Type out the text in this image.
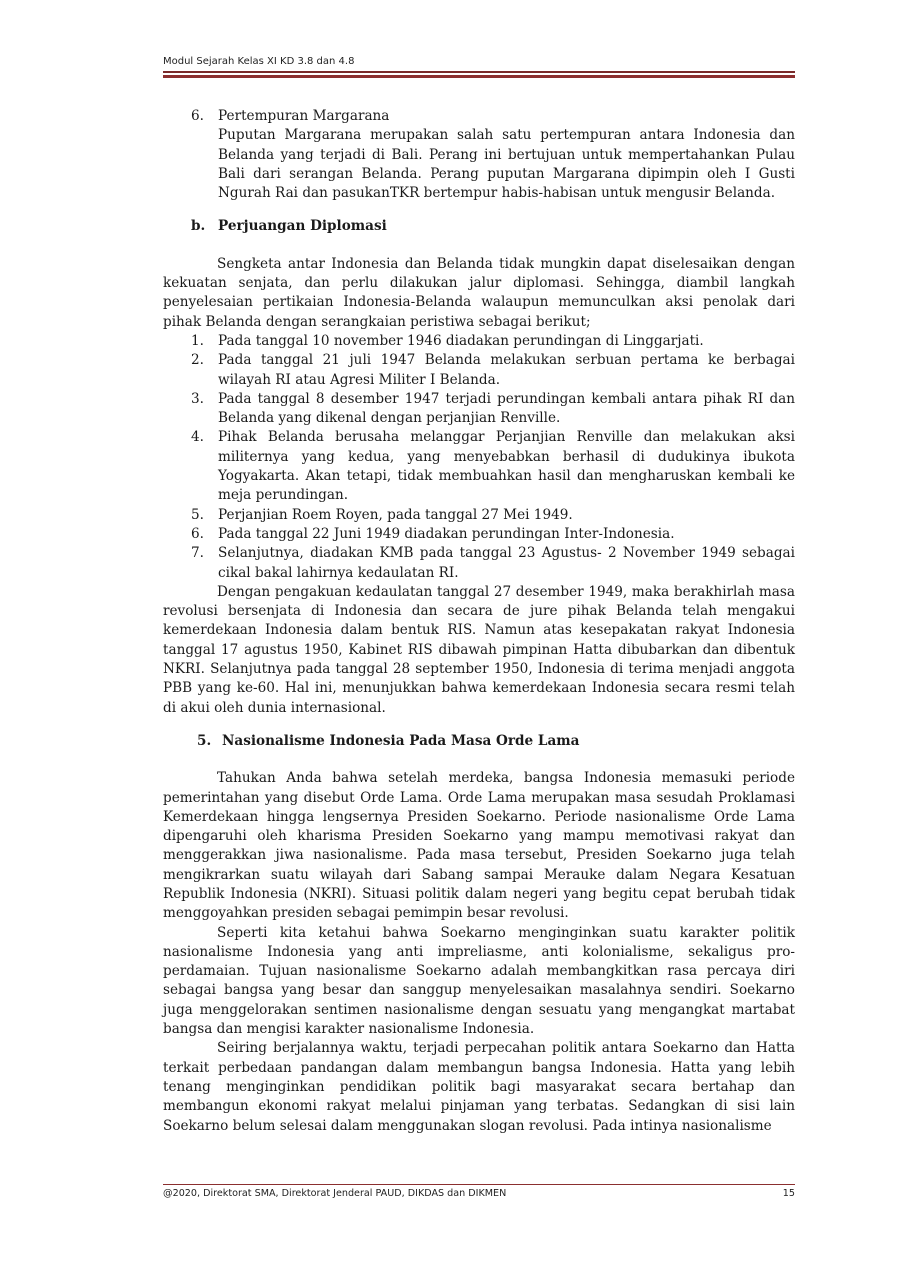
Modul Sejarah Kelas XI KD 3.8 dan 4.8
6. Pertempuran Margarana
Puputan Margarana merupakan salah satu pertempuran antara Indonesia dan Belanda yang terjadi di Bali. Perang ini bertujuan untuk mempertahankan Pulau Bali dari serangan Belanda. Perang puputan Margarana dipimpin oleh I Gusti Ngurah Rai dan pasukanTKR bertempur habis-habisan untuk mengusir Belanda.
b. Perjuangan Diplomasi

Sengketa antar Indonesia dan Belanda tidak mungkin dapat diselesaikan dengan kekuatan senjata, dan perlu dilakukan jalur diplomasi. Sehingga, diambil langkah penyelesaian pertikaian Indonesia-Belanda walaupun memunculkan aksi penolak dari pihak Belanda dengan serangkaian peristiwa sebagai berikut;

1. Pada tanggal 10 november 1946 diadakan perundingan di Linggarjati.
2. Pada tanggal 21 juli 1947 Belanda melakukan serbuan pertama ke berbagai wilayah RI atau Agresi Militer I Belanda.
3. Pada tanggal 8 desember 1947 terjadi perundingan kembali antara pihak RI dan Belanda yang dikenal dengan perjanjian Renville.
4. Pihak Belanda berusaha melanggar Perjanjian Renville dan melakukan aksi militernya yang kedua, yang menyebabkan berhasil di dudukinya ibukota Yogyakarta. Akan tetapi, tidak membuahkan hasil dan mengharuskan kembali ke meja perundingan.
5. Perjanjian Roem Royen, pada tanggal 27 Mei 1949.
6. Pada tanggal 22 Juni 1949 diadakan perundingan Inter-Indonesia.
7. Selanjutnya, diadakan KMB pada tanggal 23 Agustus- 2 November 1949 sebagai cikal bakal lahirnya kedaulatan RI.

Dengan pengakuan kedaulatan tanggal 27 desember 1949, maka berakhirlah masa revolusi bersenjata di Indonesia dan secara de jure pihak Belanda telah mengakui kemerdekaan Indonesia dalam bentuk RIS. Namun atas kesepakatan rakyat Indonesia tanggal 17 agustus 1950, Kabinet RIS dibawah pimpinan Hatta dibubarkan dan dibentuk NKRI. Selanjutnya pada tanggal 28 september 1950, Indonesia di terima menjadi anggota PBB yang ke-60. Hal ini, menunjukkan bahwa kemerdekaan Indonesia secara resmi telah di akui oleh dunia internasional.

5. Nasionalisme Indonesia Pada Masa Orde Lama

Tahukan Anda bahwa setelah merdeka, bangsa Indonesia memasuki periode pemerintahan yang disebut Orde Lama. Orde Lama merupakan masa sesudah Proklamasi Kemerdekaan hingga lengsernya Presiden Soekarno. Periode nasionalisme Orde Lama dipengaruhi oleh kharisma Presiden Soekarno yang mampu memotivasi rakyat dan menggerakkan jiwa nasionalisme. Pada masa tersebut, Presiden Soekarno juga telah mengikrarkan suatu wilayah dari Sabang sampai Merauke dalam Negara Kesatuan Republik Indonesia (NKRI). Situasi politik dalam negeri yang begitu cepat berubah tidak menggoyahkan presiden sebagai pemimpin besar revolusi.

Seperti kita ketahui bahwa Soekarno menginginkan suatu karakter politik nasionalisme Indonesia yang anti impreliasme, anti kolonialisme, sekaligus pro-perdamaian. Tujuan nasionalisme Soekarno adalah membangkitkan rasa percaya diri sebagai bangsa yang besar dan sanggup menyelesaikan masalahnya sendiri. Soekarno juga menggelorakan sentimen nasionalisme dengan sesuatu yang mengangkat martabat bangsa dan mengisi karakter nasionalisme Indonesia.

Seiring berjalannya waktu, terjadi perpecahan politik antara Soekarno dan Hatta terkait perbedaan pandangan dalam membangun bangsa Indonesia. Hatta yang lebih tenang menginginkan pendidikan politik bagi masyarakat secara bertahap dan membangun ekonomi rakyat melalui pinjaman yang terbatas. Sedangkan di sisi lain Soekarno belum selesai dalam menggunakan slogan revolusi. Pada intinya nasionalisme

@2020, Direktorat SMA, Direktorat Jenderal PAUD, DIKDAS dan DIKMEN	15
